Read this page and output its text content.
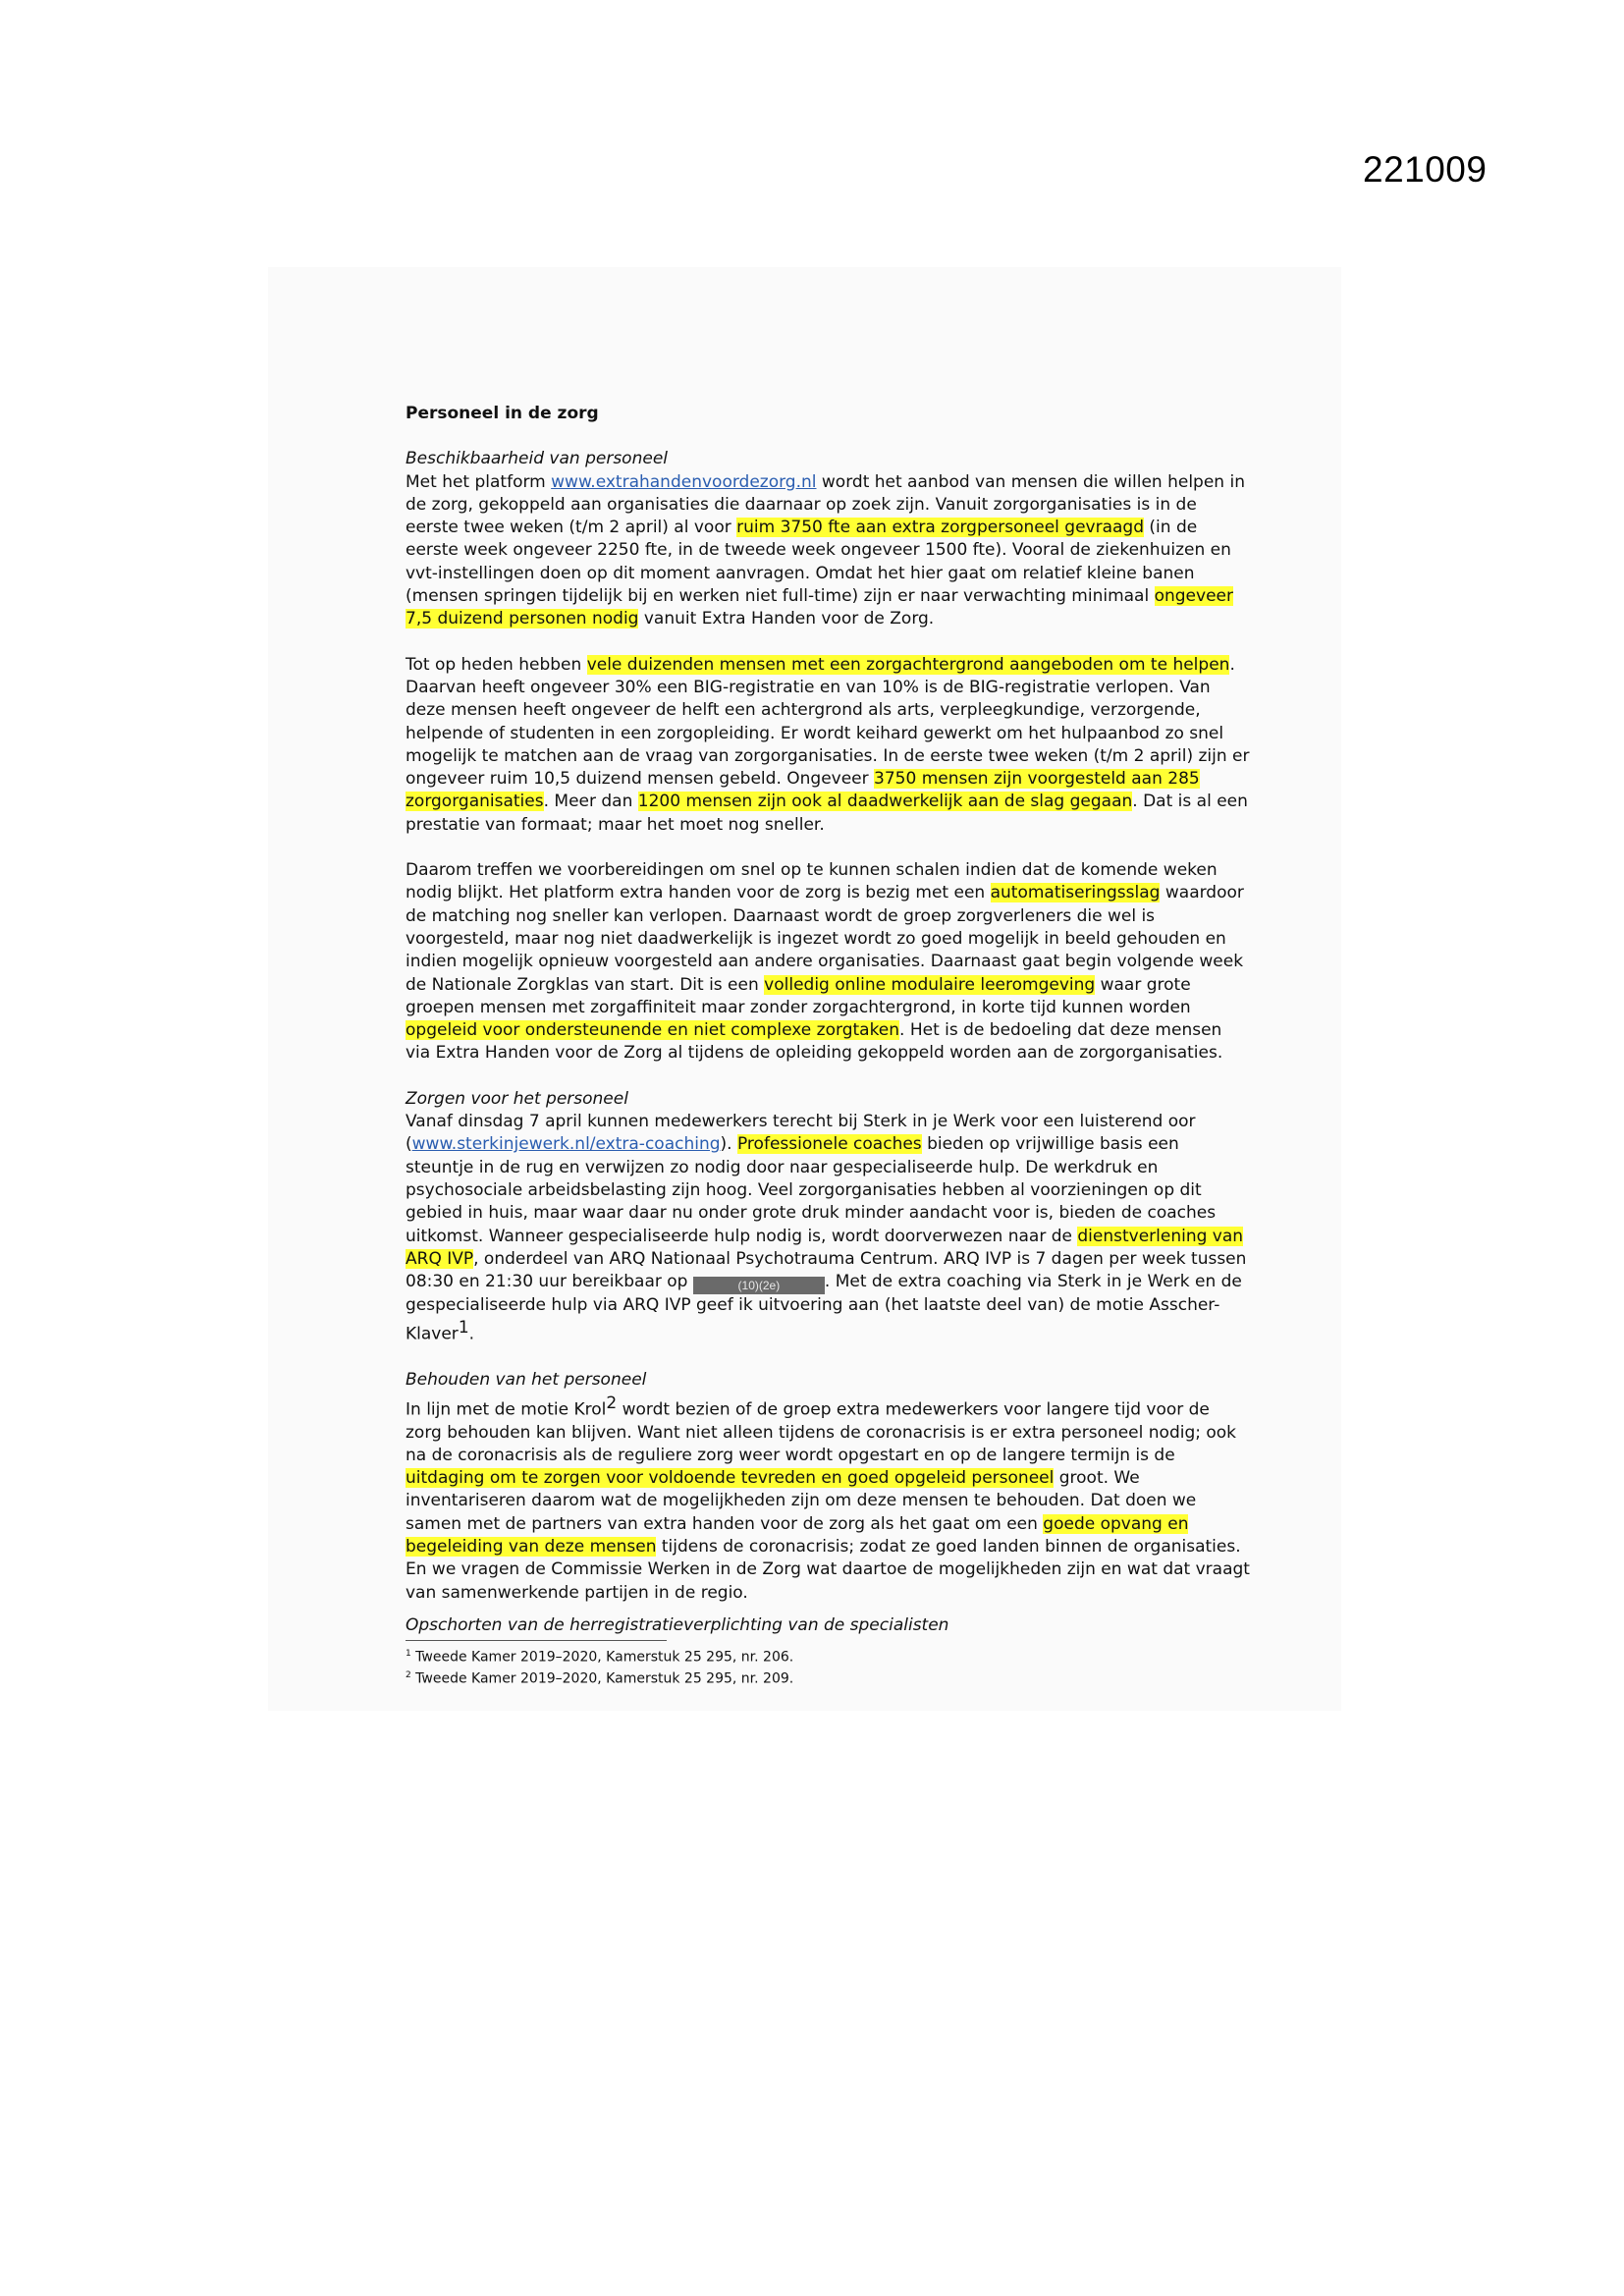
221009
Personeel in de zorg

Beschikbaarheid van personeel

Met het platform www.extrahandenvoordezorg.nl wordt het aanbod van mensen die willen helpen in de zorg, gekoppeld aan organisaties die daarnaar op zoek zijn. Vanuit zorgorganisaties is in de eerste twee weken (t/m 2 april) al voor ruim 3750 fte aan extra zorgpersoneel gevraagd (in de eerste week ongeveer 2250 fte, in de tweede week ongeveer 1500 fte). Vooral de ziekenhuizen en vvt-instellingen doen op dit moment aanvragen. Omdat het hier gaat om relatief kleine banen (mensen springen tijdelijk bij en werken niet full-time) zijn er naar verwachting minimaal ongeveer 7,5 duizend personen nodig vanuit Extra Handen voor de Zorg.

Tot op heden hebben vele duizenden mensen met een zorgachtergrond aangeboden om te helpen. Daarvan heeft ongeveer 30% een BIG-registratie en van 10% is de BIG-registratie verlopen. Van deze mensen heeft ongeveer de helft een achtergrond als arts, verpleegkundige, verzorgende, helpende of studenten in een zorgopleiding. Er wordt keihard gewerkt om het hulpaanbod zo snel mogelijk te matchen aan de vraag van zorgorganisaties. In de eerste twee weken (t/m 2 april) zijn er ongeveer ruim 10,5 duizend mensen gebeld. Ongeveer 3750 mensen zijn voorgesteld aan 285 zorgorganisaties. Meer dan 1200 mensen zijn ook al daadwerkelijk aan de slag gegaan. Dat is al een prestatie van formaat; maar het moet nog sneller.

Daarom treffen we voorbereidingen om snel op te kunnen schalen indien dat de komende weken nodig blijkt. Het platform extra handen voor de zorg is bezig met een automatiseringsslag waardoor de matching nog sneller kan verlopen. Daarnaast wordt de groep zorgverleners die wel is voorgesteld, maar nog niet daadwerkelijk is ingezet wordt zo goed mogelijk in beeld gehouden en indien mogelijk opnieuw voorgesteld aan andere organisaties. Daarnaast gaat begin volgende week de Nationale Zorgklas van start. Dit is een volledig online modulaire leeromgeving waar grote groepen mensen met zorgaffiniteit maar zonder zorgachtergrond, in korte tijd kunnen worden opgeleid voor ondersteunende en niet complexe zorgtaken. Het is de bedoeling dat deze mensen via Extra Handen voor de Zorg al tijdens de opleiding gekoppeld worden aan de zorgorganisaties.

Zorgen voor het personeel

Vanaf dinsdag 7 april kunnen medewerkers terecht bij Sterk in je Werk voor een luisterend oor (www.sterkinjewerk.nl/extra-coaching). Professionele coaches bieden op vrijwillige basis een steuntje in de rug en verwijzen zo nodig door naar gespecialiseerde hulp. De werkdruk en psychosociale arbeidsbelasting zijn hoog. Veel zorgorganisaties hebben al voorzieningen op dit gebied in huis, maar waar daar nu onder grote druk minder aandacht voor is, bieden de coaches uitkomst. Wanneer gespecialiseerde hulp nodig is, wordt doorverwezen naar de dienstverlening van ARQ IVP, onderdeel van ARQ Nationaal Psychotrauma Centrum. ARQ IVP is 7 dagen per week tussen 08:30 en 21:30 uur bereikbaar op	(10)(2e)	. Met de extra coaching via Sterk in je Werk en de gespecialiseerde hulp via ARQ IVP geef ik uitvoering aan (het laatste deel van) de motie Asscher-Klaver$^1$.

Behouden van het personeel

In lijn met de motie Krol$^2$ wordt bezien of de groep extra medewerkers voor langere tijd voor de zorg behouden kan blijven. Want niet alleen tijdens de coronacrisis is er extra personeel nodig; ook na de coronacrisis als de reguliere zorg weer wordt opgestart en op de langere termijn is de uitdaging om te zorgen voor voldoende tevreden en goed opgeleid personeel groot. We inventariseren daarom wat de mogelijkheden zijn om deze mensen te behouden. Dat doen we samen met de partners van extra handen voor de zorg als het gaat om een goede opvang en begeleiding van deze mensen tijdens de coronacrisis; zodat ze goed landen binnen de organisaties. En we vragen de Commissie Werken in de Zorg wat daartoe de mogelijkheden zijn en wat dat vraagt van samenwerkende partijen in de regio.

Opschorten van de herregistratieverplichting van de specialisten

$^1$ Tweede Kamer 2019–2020, Kamerstuk 25 295, nr. 206.
$^2$ Tweede Kamer 2019–2020, Kamerstuk 25 295, nr. 209.
